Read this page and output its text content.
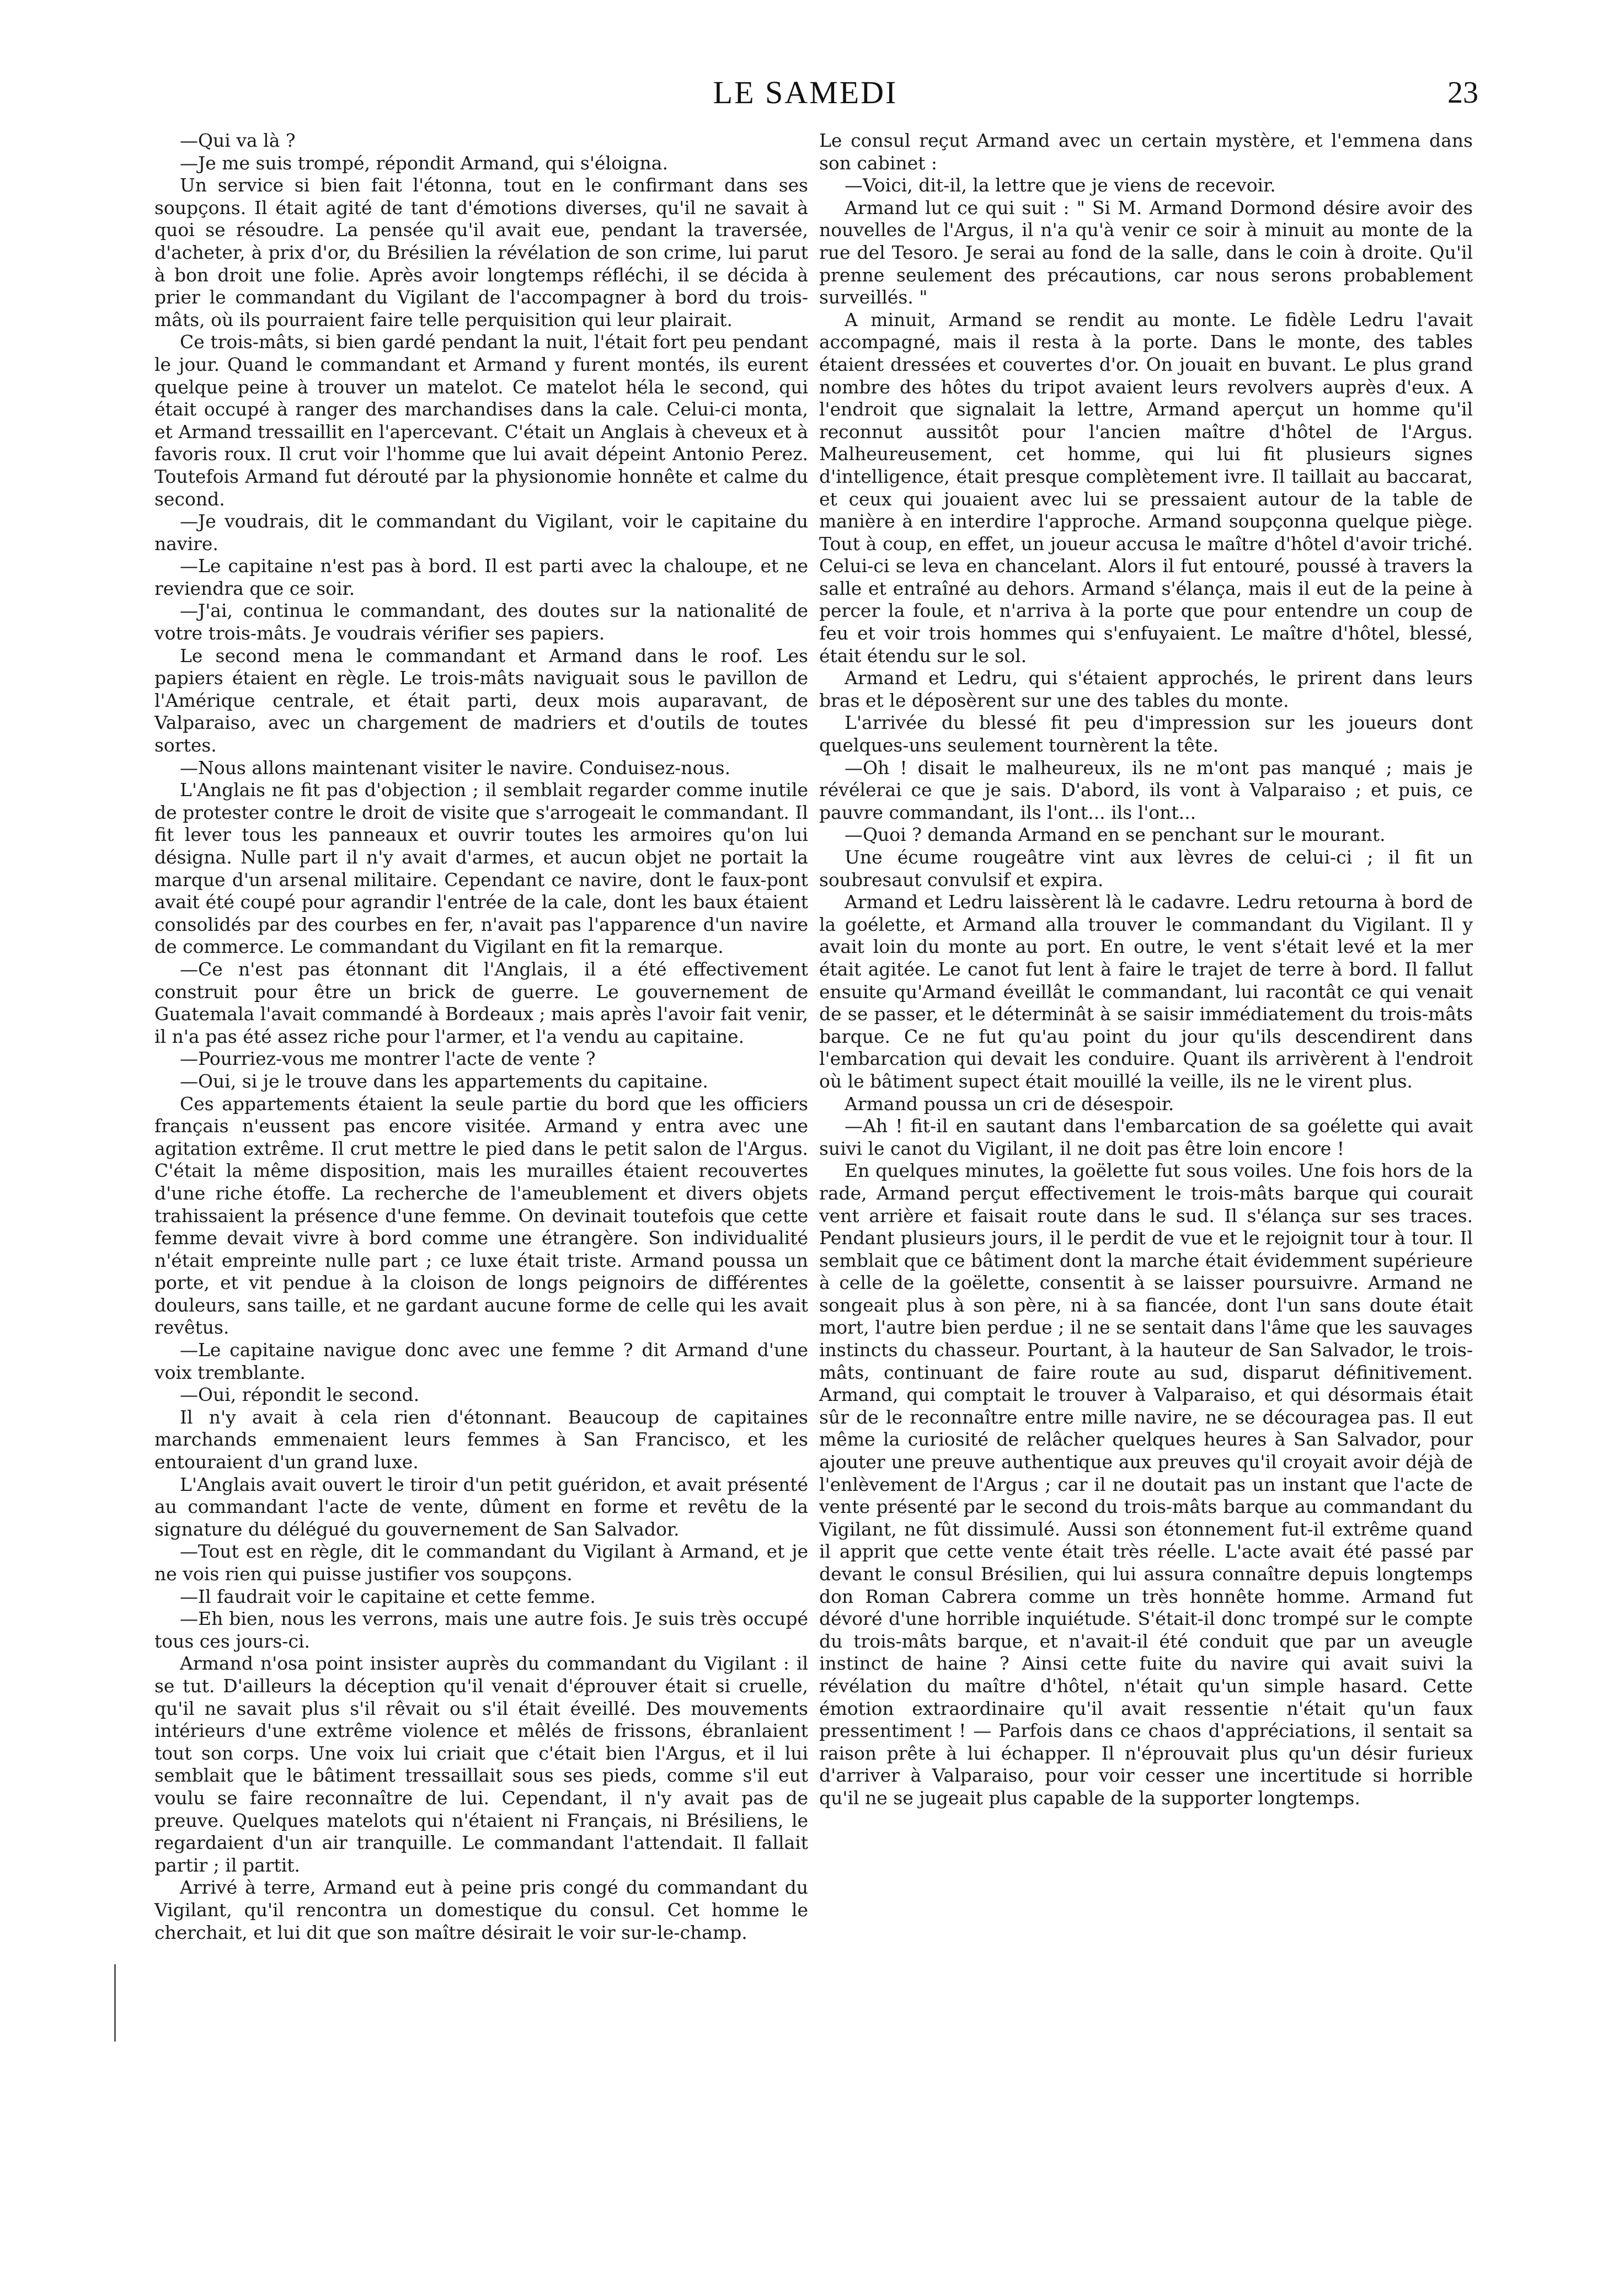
LE SAMEDI	23

—Qui va là ?

—Je me suis trompé, répondit Armand, qui s'éloigna.

Un service si bien fait l'étonna, tout en le confirmant dans ses soupçons. Il était agité de tant d'émotions diverses, qu'il ne savait à quoi se résoudre. La pensée qu'il avait eue, pendant la traversée, d'acheter, à prix d'or, du Brésilien la révélation de son crime, lui parut à bon droit une folie. Après avoir longtemps réfléchi, il se décida à prier le commandant du Vigilant de l'accompagner à bord du trois-mâts, où ils pourraient faire telle perquisition qui leur plairait.

Ce trois-mâts, si bien gardé pendant la nuit, l'était fort peu pendant le jour. Quand le commandant et Armand y furent montés, ils eurent quelque peine à trouver un matelot. Ce matelot héla le second, qui était occupé à ranger des marchandises dans la cale. Celui-ci monta, et Armand tressaillit en l'apercevant. C'était un Anglais à cheveux et à favoris roux. Il crut voir l'homme que lui avait dépeint Antonio Perez. Toutefois Armand fut dérouté par la physionomie honnête et calme du second.

—Je voudrais, dit le commandant du Vigilant, voir le capitaine du navire.

—Le capitaine n'est pas à bord. Il est parti avec la chaloupe, et ne reviendra que ce soir.

—J'ai, continua le commandant, des doutes sur la nationalité de votre trois-mâts. Je voudrais vérifier ses papiers.

Le second mena le commandant et Armand dans le roof. Les papiers étaient en règle. Le trois-mâts naviguait sous le pavillon de l'Amérique centrale, et était parti, deux mois auparavant, de Valparaiso, avec un chargement de madriers et d'outils de toutes sortes.

—Nous allons maintenant visiter le navire. Conduisez-nous.

L'Anglais ne fit pas d'objection ; il semblait regarder comme inutile de protester contre le droit de visite que s'arrogeait le commandant. Il fit lever tous les panneaux et ouvrir toutes les armoires qu'on lui désigna. Nulle part il n'y avait d'armes, et aucun objet ne portait la marque d'un arsenal militaire. Cependant ce navire, dont le faux-pont avait été coupé pour agrandir l'entrée de la cale, dont les baux étaient consolidés par des courbes en fer, n'avait pas l'apparence d'un navire de commerce. Le commandant du Vigilant en fit la remarque.

—Ce n'est pas étonnant dit l'Anglais, il a été effectivement construit pour être un brick de guerre. Le gouvernement de Guatemala l'avait commandé à Bordeaux ; mais après l'avoir fait venir, il n'a pas été assez riche pour l'armer, et l'a vendu au capitaine.

—Pourriez-vous me montrer l'acte de vente ?

—Oui, si je le trouve dans les appartements du capitaine.

Ces appartements étaient la seule partie du bord que les officiers français n'eussent pas encore visitée. Armand y entra avec une agitation extrême. Il crut mettre le pied dans le petit salon de l'Argus. C'était la même disposition, mais les murailles étaient recouvertes d'une riche étoffe. La recherche de l'ameublement et divers objets trahissaient la présence d'une femme. On devinait toutefois que cette femme devait vivre à bord comme une étrangère. Son individualité n'était empreinte nulle part ; ce luxe était triste. Armand poussa un porte, et vit pendue à la cloison de longs peignoirs de différentes douleurs, sans taille, et ne gardant aucune forme de celle qui les avait revêtus.

—Le capitaine navigue donc avec une femme ? dit Armand d'une voix tremblante.

—Oui, répondit le second.

Il n'y avait à cela rien d'étonnant. Beaucoup de capitaines marchands emmenaient leurs femmes à San Francisco, et les entouraient d'un grand luxe.

L'Anglais avait ouvert le tiroir d'un petit guéridon, et avait présenté au commandant l'acte de vente, dûment en forme et revêtu de la signature du délégué du gouvernement de San Salvador.

—Tout est en règle, dit le commandant du Vigilant à Armand, et je ne vois rien qui puisse justifier vos soupçons.

—Il faudrait voir le capitaine et cette femme.

—Eh bien, nous les verrons, mais une autre fois. Je suis très occupé tous ces jours-ci.

Armand n'osa point insister auprès du commandant du Vigilant : il se tut. D'ailleurs la déception qu'il venait d'éprouver était si cruelle, qu'il ne savait plus s'il rêvait ou s'il était éveillé. Des mouvements intérieurs d'une extrême violence et mêlés de frissons, ébranlaient tout son corps. Une voix lui criait que c'était bien l'Argus, et il lui semblait que le bâtiment tressaillait sous ses pieds, comme s'il eut voulu se faire reconnaître de lui. Cependant, il n'y avait pas de preuve. Quelques matelots qui n'étaient ni Français, ni Brésiliens, le regardaient d'un air tranquille. Le commandant l'attendait. Il fallait partir ; il partit.

Arrivé à terre, Armand eut à peine pris congé du commandant du Vigilant, qu'il rencontra un domestique du consul. Cet homme le cherchait, et lui dit que son maître désirait le voir sur-le-champ.

Le consul reçut Armand avec un certain mystère, et l'emmena dans son cabinet :

—Voici, dit-il, la lettre que je viens de recevoir.

Armand lut ce qui suit : " Si M. Armand Dormond désire avoir des nouvelles de l'Argus, il n'a qu'à venir ce soir à minuit au monte de la rue del Tesoro. Je serai au fond de la salle, dans le coin à droite. Qu'il prenne seulement des précautions, car nous serons probablement surveillés. "

A minuit, Armand se rendit au monte. Le fidèle Ledru l'avait accompagné, mais il resta à la porte. Dans le monte, des tables étaient dressées et couvertes d'or. On jouait en buvant. Le plus grand nombre des hôtes du tripot avaient leurs revolvers auprès d'eux. A l'endroit que signalait la lettre, Armand aperçut un homme qu'il reconnut aussitôt pour l'ancien maître d'hôtel de l'Argus. Malheureusement, cet homme, qui lui fit plusieurs signes d'intelligence, était presque complètement ivre. Il taillait au baccarat, et ceux qui jouaient avec lui se pressaient autour de la table de manière à en interdire l'approche. Armand soupçonna quelque piège. Tout à coup, en effet, un joueur accusa le maître d'hôtel d'avoir triché. Celui-ci se leva en chancelant. Alors il fut entouré, poussé à travers la salle et entraîné au dehors. Armand s'élança, mais il eut de la peine à percer la foule, et n'arriva à la porte que pour entendre un coup de feu et voir trois hommes qui s'enfuyaient. Le maître d'hôtel, blessé, était étendu sur le sol.

Armand et Ledru, qui s'étaient approchés, le prirent dans leurs bras et le déposèrent sur une des tables du monte.

L'arrivée du blessé fit peu d'impression sur les joueurs dont quelques-uns seulement tournèrent la tête.

—Oh ! disait le malheureux, ils ne m'ont pas manqué ; mais je révélerai ce que je sais. D'abord, ils vont à Valparaiso ; et puis, ce pauvre commandant, ils l'ont... ils l'ont...

—Quoi ? demanda Armand en se penchant sur le mourant.

Une écume rougeâtre vint aux lèvres de celui-ci ; il fit un soubresaut convulsif et expira.

Armand et Ledru laissèrent là le cadavre. Ledru retourna à bord de la goélette, et Armand alla trouver le commandant du Vigilant. Il y avait loin du monte au port. En outre, le vent s'était levé et la mer était agitée. Le canot fut lent à faire le trajet de terre à bord. Il fallut ensuite qu'Armand éveillât le commandant, lui racontât ce qui venait de se passer, et le déterminât à se saisir immédiatement du trois-mâts barque. Ce ne fut qu'au point du jour qu'ils descendirent dans l'embarcation qui devait les conduire. Quant ils arrivèrent à l'endroit où le bâtiment supect était mouillé la veille, ils ne le virent plus.

Armand poussa un cri de désespoir.

—Ah ! fit-il en sautant dans l'embarcation de sa goélette qui avait suivi le canot du Vigilant, il ne doit pas être loin encore !

En quelques minutes, la goëlette fut sous voiles. Une fois hors de la rade, Armand perçut effectivement le trois-mâts barque qui courait vent arrière et faisait route dans le sud. Il s'élança sur ses traces. Pendant plusieurs jours, il le perdit de vue et le rejoignit tour à tour. Il semblait que ce bâtiment dont la marche était évidemment supérieure à celle de la goëlette, consentit à se laisser poursuivre. Armand ne songeait plus à son père, ni à sa fiancée, dont l'un sans doute était mort, l'autre bien perdue ; il ne se sentait dans l'âme que les sauvages instincts du chasseur. Pourtant, à la hauteur de San Salvador, le trois-mâts, continuant de faire route au sud, disparut définitivement. Armand, qui comptait le trouver à Valparaiso, et qui désormais était sûr de le reconnaître entre mille navire, ne se découragea pas. Il eut même la curiosité de relâcher quelques heures à San Salvador, pour ajouter une preuve authentique aux preuves qu'il croyait avoir déjà de l'enlèvement de l'Argus ; car il ne doutait pas un instant que l'acte de vente présenté par le second du trois-mâts barque au commandant du Vigilant, ne fût dissimulé. Aussi son étonnement fut-il extrême quand il apprit que cette vente était très réelle. L'acte avait été passé par devant le consul Brésilien, qui lui assura connaître depuis longtemps don Roman Cabrera comme un très honnête homme. Armand fut dévoré d'une horrible inquiétude. S'était-il donc trompé sur le compte du trois-mâts barque, et n'avait-il été conduit que par un aveugle instinct de haine ? Ainsi cette fuite du navire qui avait suivi la révélation du maître d'hôtel, n'était qu'un simple hasard. Cette émotion extraordinaire qu'il avait ressentie n'était qu'un faux pressentiment ! — Parfois dans ce chaos d'appréciations, il sentait sa raison prête à lui échapper. Il n'éprouvait plus qu'un désir furieux d'arriver à Valparaiso, pour voir cesser une incertitude si horrible qu'il ne se jugeait plus capable de la supporter longtemps.
